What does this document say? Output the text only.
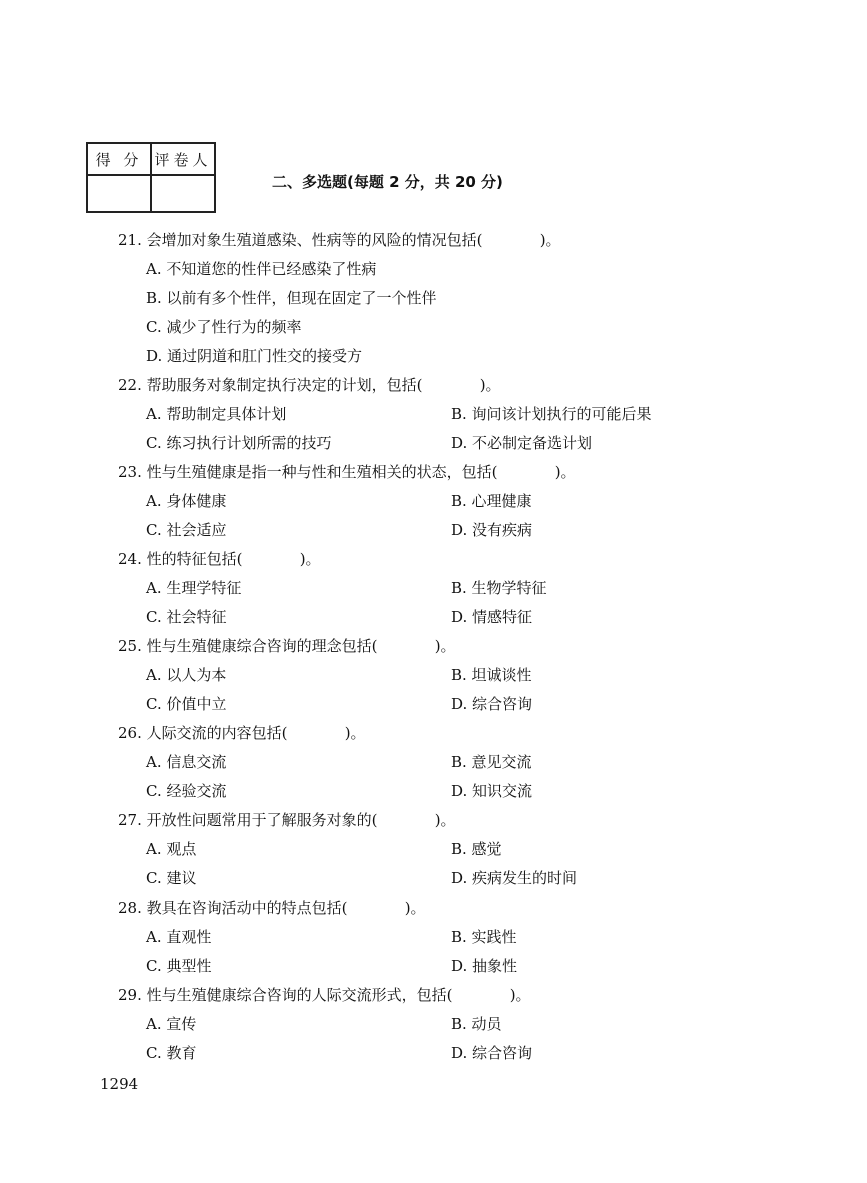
得 分	评卷人

二、多选题(每题 2 分，共 20 分)
21. 会增加对象生殖道感染、性病等的风险的情况包括(            )。
A. 不知道您的性伴已经感染了性病
B. 以前有多个性伴，但现在固定了一个性伴
C. 减少了性行为的频率
D. 通过阴道和肛门性交的接受方
22. 帮助服务对象制定执行决定的计划，包括(            )。
A. 帮助制定具体计划	B. 询问该计划执行的可能后果
C. 练习执行计划所需的技巧	D. 不必制定备选计划
23. 性与生殖健康是指一种与性和生殖相关的状态，包括(            )。
A. 身体健康	B. 心理健康
C. 社会适应	D. 没有疾病
24. 性的特征包括(            )。
A. 生理学特征	B. 生物学特征
C. 社会特征	D. 情感特征
25. 性与生殖健康综合咨询的理念包括(            )。
A. 以人为本	B. 坦诚谈性
C. 价值中立	D. 综合咨询
26. 人际交流的内容包括(            )。
A. 信息交流	B. 意见交流
C. 经验交流	D. 知识交流
27. 开放性问题常用于了解服务对象的(            )。
A. 观点	B. 感觉
C. 建议	D. 疾病发生的时间
28. 教具在咨询活动中的特点包括(            )。
A. 直观性	B. 实践性
C. 典型性	D. 抽象性
29. 性与生殖健康综合咨询的人际交流形式，包括(            )。
A. 宣传	B. 动员
C. 教育	D. 综合咨询
1294
